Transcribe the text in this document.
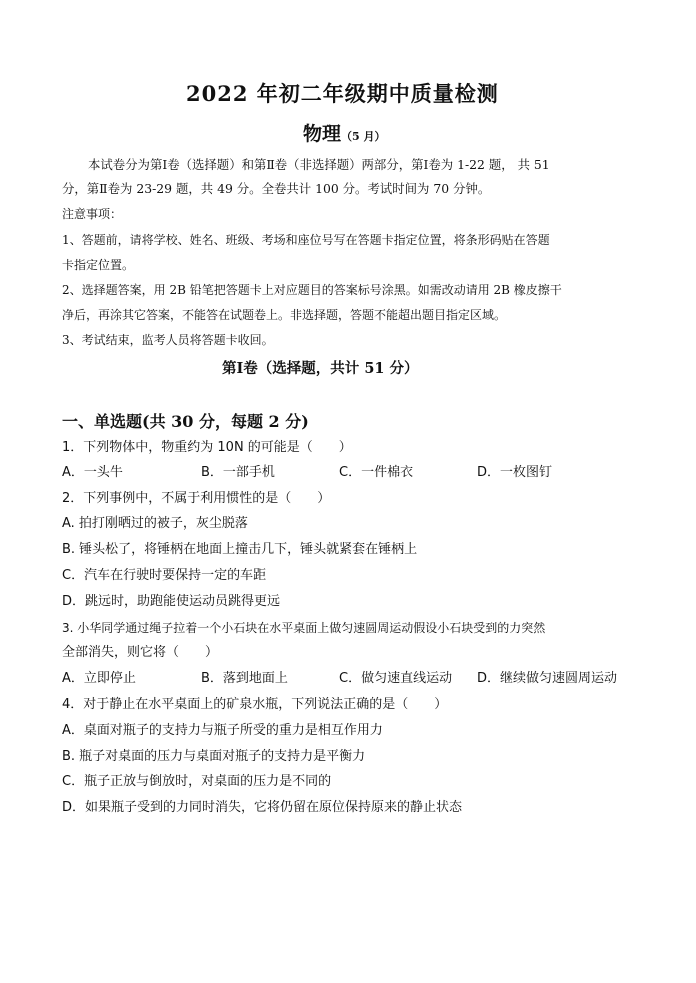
2022 年初二年级期中质量检测
物理（5 月）
本试卷分为第Ⅰ卷（选择题）和第Ⅱ卷（非选择题）两部分，第Ⅰ卷为 1-22 题， 共 51
分，第Ⅱ卷为 23-29 题，共 49 分。全卷共计 100 分。考试时间为 70 分钟。
注意事项：
1、答题前，请将学校、姓名、班级、考场和座位号写在答题卡指定位置，将条形码贴在答题
卡指定位置。
2、选择题答案，用 2B 铅笔把答题卡上对应题目的答案标号涂黑。如需改动请用 2B 橡皮擦干
净后，再涂其它答案，不能答在试题卷上。非选择题，答题不能超出题目指定区域。
3、考试结束，监考人员将答题卡收回。
第Ⅰ卷（选择题，共计 51 分）
一、单选题(共 30 分，每题 2 分)
1．下列物体中，物重约为 10N 的可能是（　　）
A．一头牛	B．一部手机	C．一件棉衣	D．一枚图钉
2．下列事例中，不属于利用惯性的是（　　）
A. 拍打刚晒过的被子，灰尘脱落
B. 锤头松了，将锤柄在地面上撞击几下，锤头就紧套在锤柄上
C．汽车在行驶时要保持一定的车距
D．跳远时，助跑能使运动员跳得更远
3. 小华同学通过绳子拉着一个小石块在水平桌面上做匀速圆周运动假设小石块受到的力突然
全部消失，则它将（　　）
A．立即停止	B．落到地面上	C．做匀速直线运动 D．继续做匀速圆周运动
4．对于静止在水平桌面上的矿泉水瓶，下列说法正确的是（　　）
A．桌面对瓶子的支持力与瓶子所受的重力是相互作用力
B. 瓶子对桌面的压力与桌面对瓶子的支持力是平衡力
C．瓶子正放与倒放时，对桌面的压力是不同的
D．如果瓶子受到的力同时消失，它将仍留在原位保持原来的静止状态
